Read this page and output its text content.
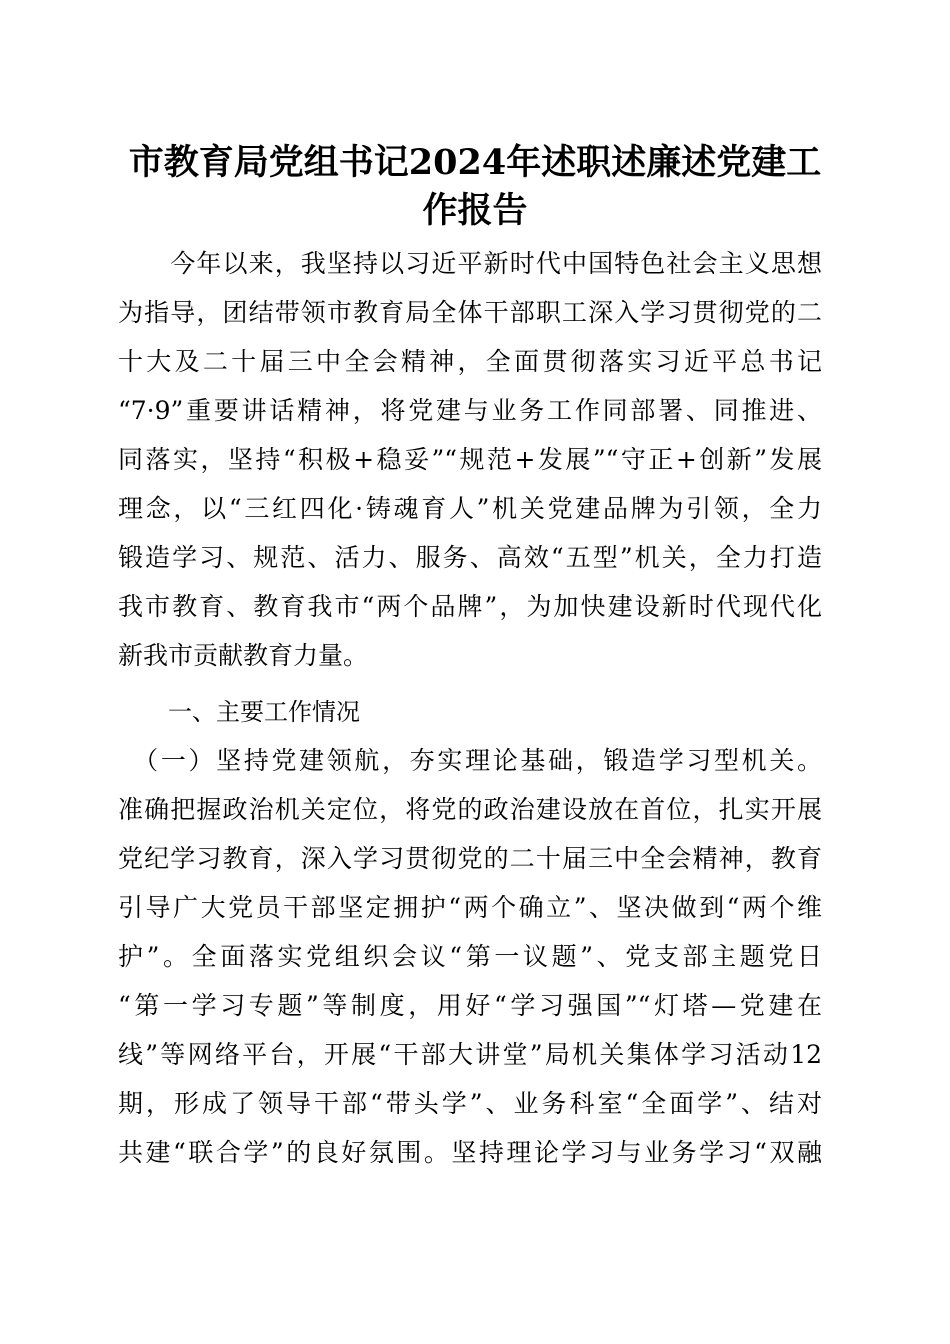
市教育局党组书记2024年述职述廉述党建工
作报告
　　今年以来，我坚持以习近平新时代中国特色社会主义思想
为指导，团结带领市教育局全体干部职工深入学习贯彻党的二
十大及二十届三中全会精神，全面贯彻落实习近平总书记
“7·9”重要讲话精神，将党建与业务工作同部署、同推进、
同落实，坚持“积极+稳妥”“规范+发展”“守正+创新”发展
理念，以“三红四化·铸魂育人”机关党建品牌为引领，全力
锻造学习、规范、活力、服务、高效“五型”机关，全力打造
我市教育、教育我市“两个品牌”，为加快建设新时代现代化
新我市贡献教育力量。
一、主要工作情况
　（一）坚持党建领航，夯实理论基础，锻造学习型机关。
准确把握政治机关定位，将党的政治建设放在首位，扎实开展
党纪学习教育，深入学习贯彻党的二十届三中全会精神，教育
引导广大党员干部坚定拥护“两个确立”、坚决做到“两个维
护”。全面落实党组织会议“第一议题”、党支部主题党日
“第一学习专题”等制度，用好“学习强国”“灯塔—党建在
线”等网络平台，开展“干部大讲堂”局机关集体学习活动12
期，形成了领导干部“带头学”、业务科室“全面学”、结对
共建“联合学”的良好氛围。坚持理论学习与业务学习“双融
